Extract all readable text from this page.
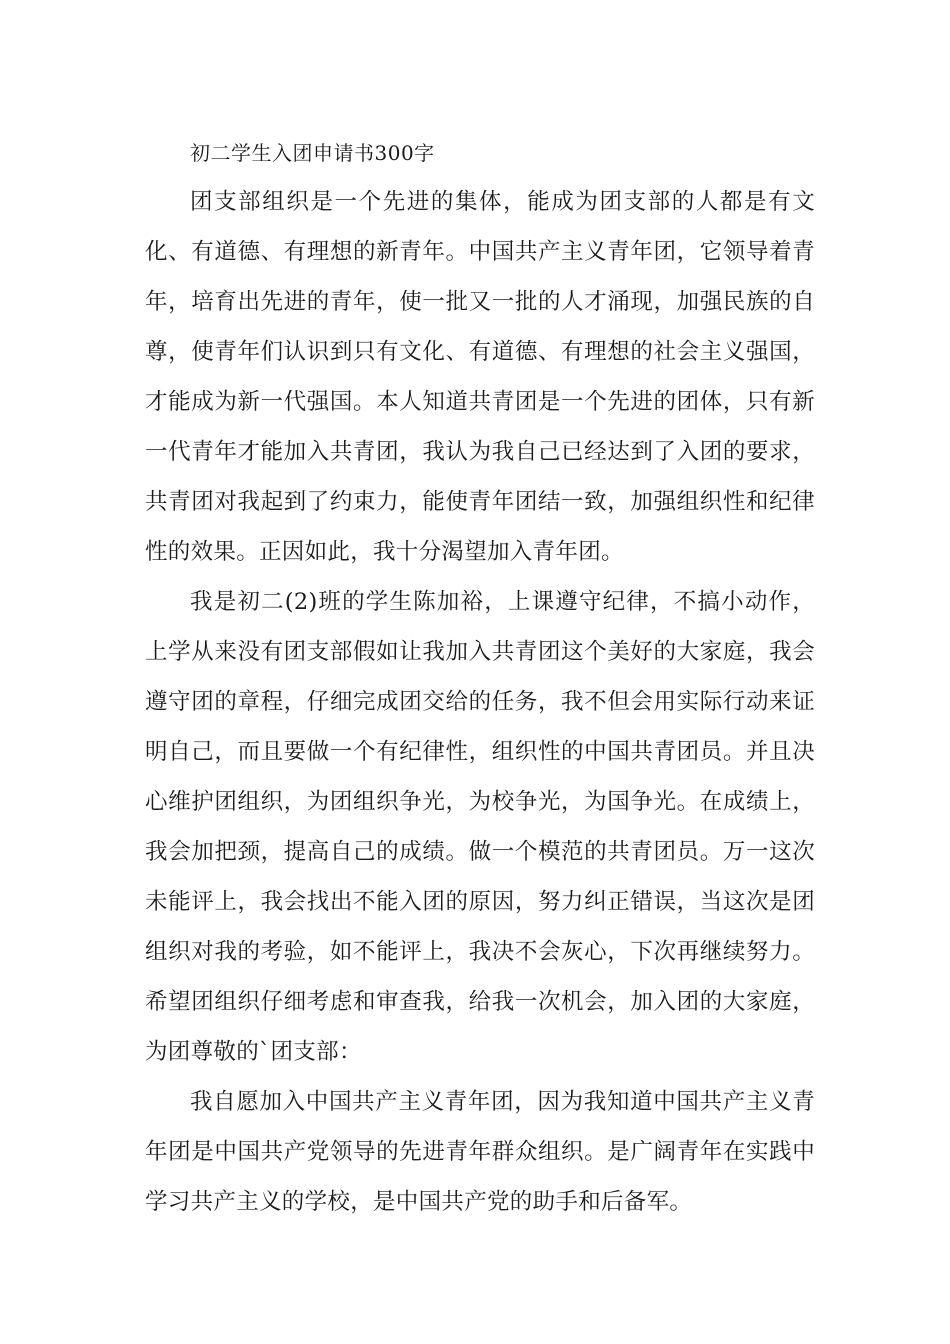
初二学生入团申请书300字

团支部组织是一个先进的集体，能成为团支部的人都是有文化、有道德、有理想的新青年。中国共产主义青年团，它领导着青年，培育出先进的青年，使一批又一批的人才涌现，加强民族的自尊，使青年们认识到只有文化、有道德、有理想的社会主义强国，才能成为新一代强国。本人知道共青团是一个先进的团体，只有新一代青年才能加入共青团，我认为我自己已经达到了入团的要求，共青团对我起到了约束力，能使青年团结一致，加强组织性和纪律性的效果。正因如此，我十分渴望加入青年团。

我是初二(2)班的学生陈加裕，上课遵守纪律，不搞小动作，上学从来没有团支部假如让我加入共青团这个美好的大家庭，我会遵守团的章程，仔细完成团交给的任务，我不但会用实际行动来证明自己，而且要做一个有纪律性，组织性的中国共青团员。并且决心维护团组织，为团组织争光，为校争光，为国争光。在成绩上，我会加把颈，提高自己的成绩。做一个模范的共青团员。万一这次未能评上，我会找出不能入团的原因，努力纠正错误，当这次是团组织对我的考验，如不能评上，我决不会灰心，下次再继续努力。希望团组织仔细考虑和审查我，给我一次机会，加入团的大家庭，为团尊敬的`团支部：

我自愿加入中国共产主义青年团，因为我知道中国共产主义青年团是中国共产党领导的先进青年群众组织。是广阔青年在实践中学习共产主义的学校，是中国共产党的助手和后备军。
